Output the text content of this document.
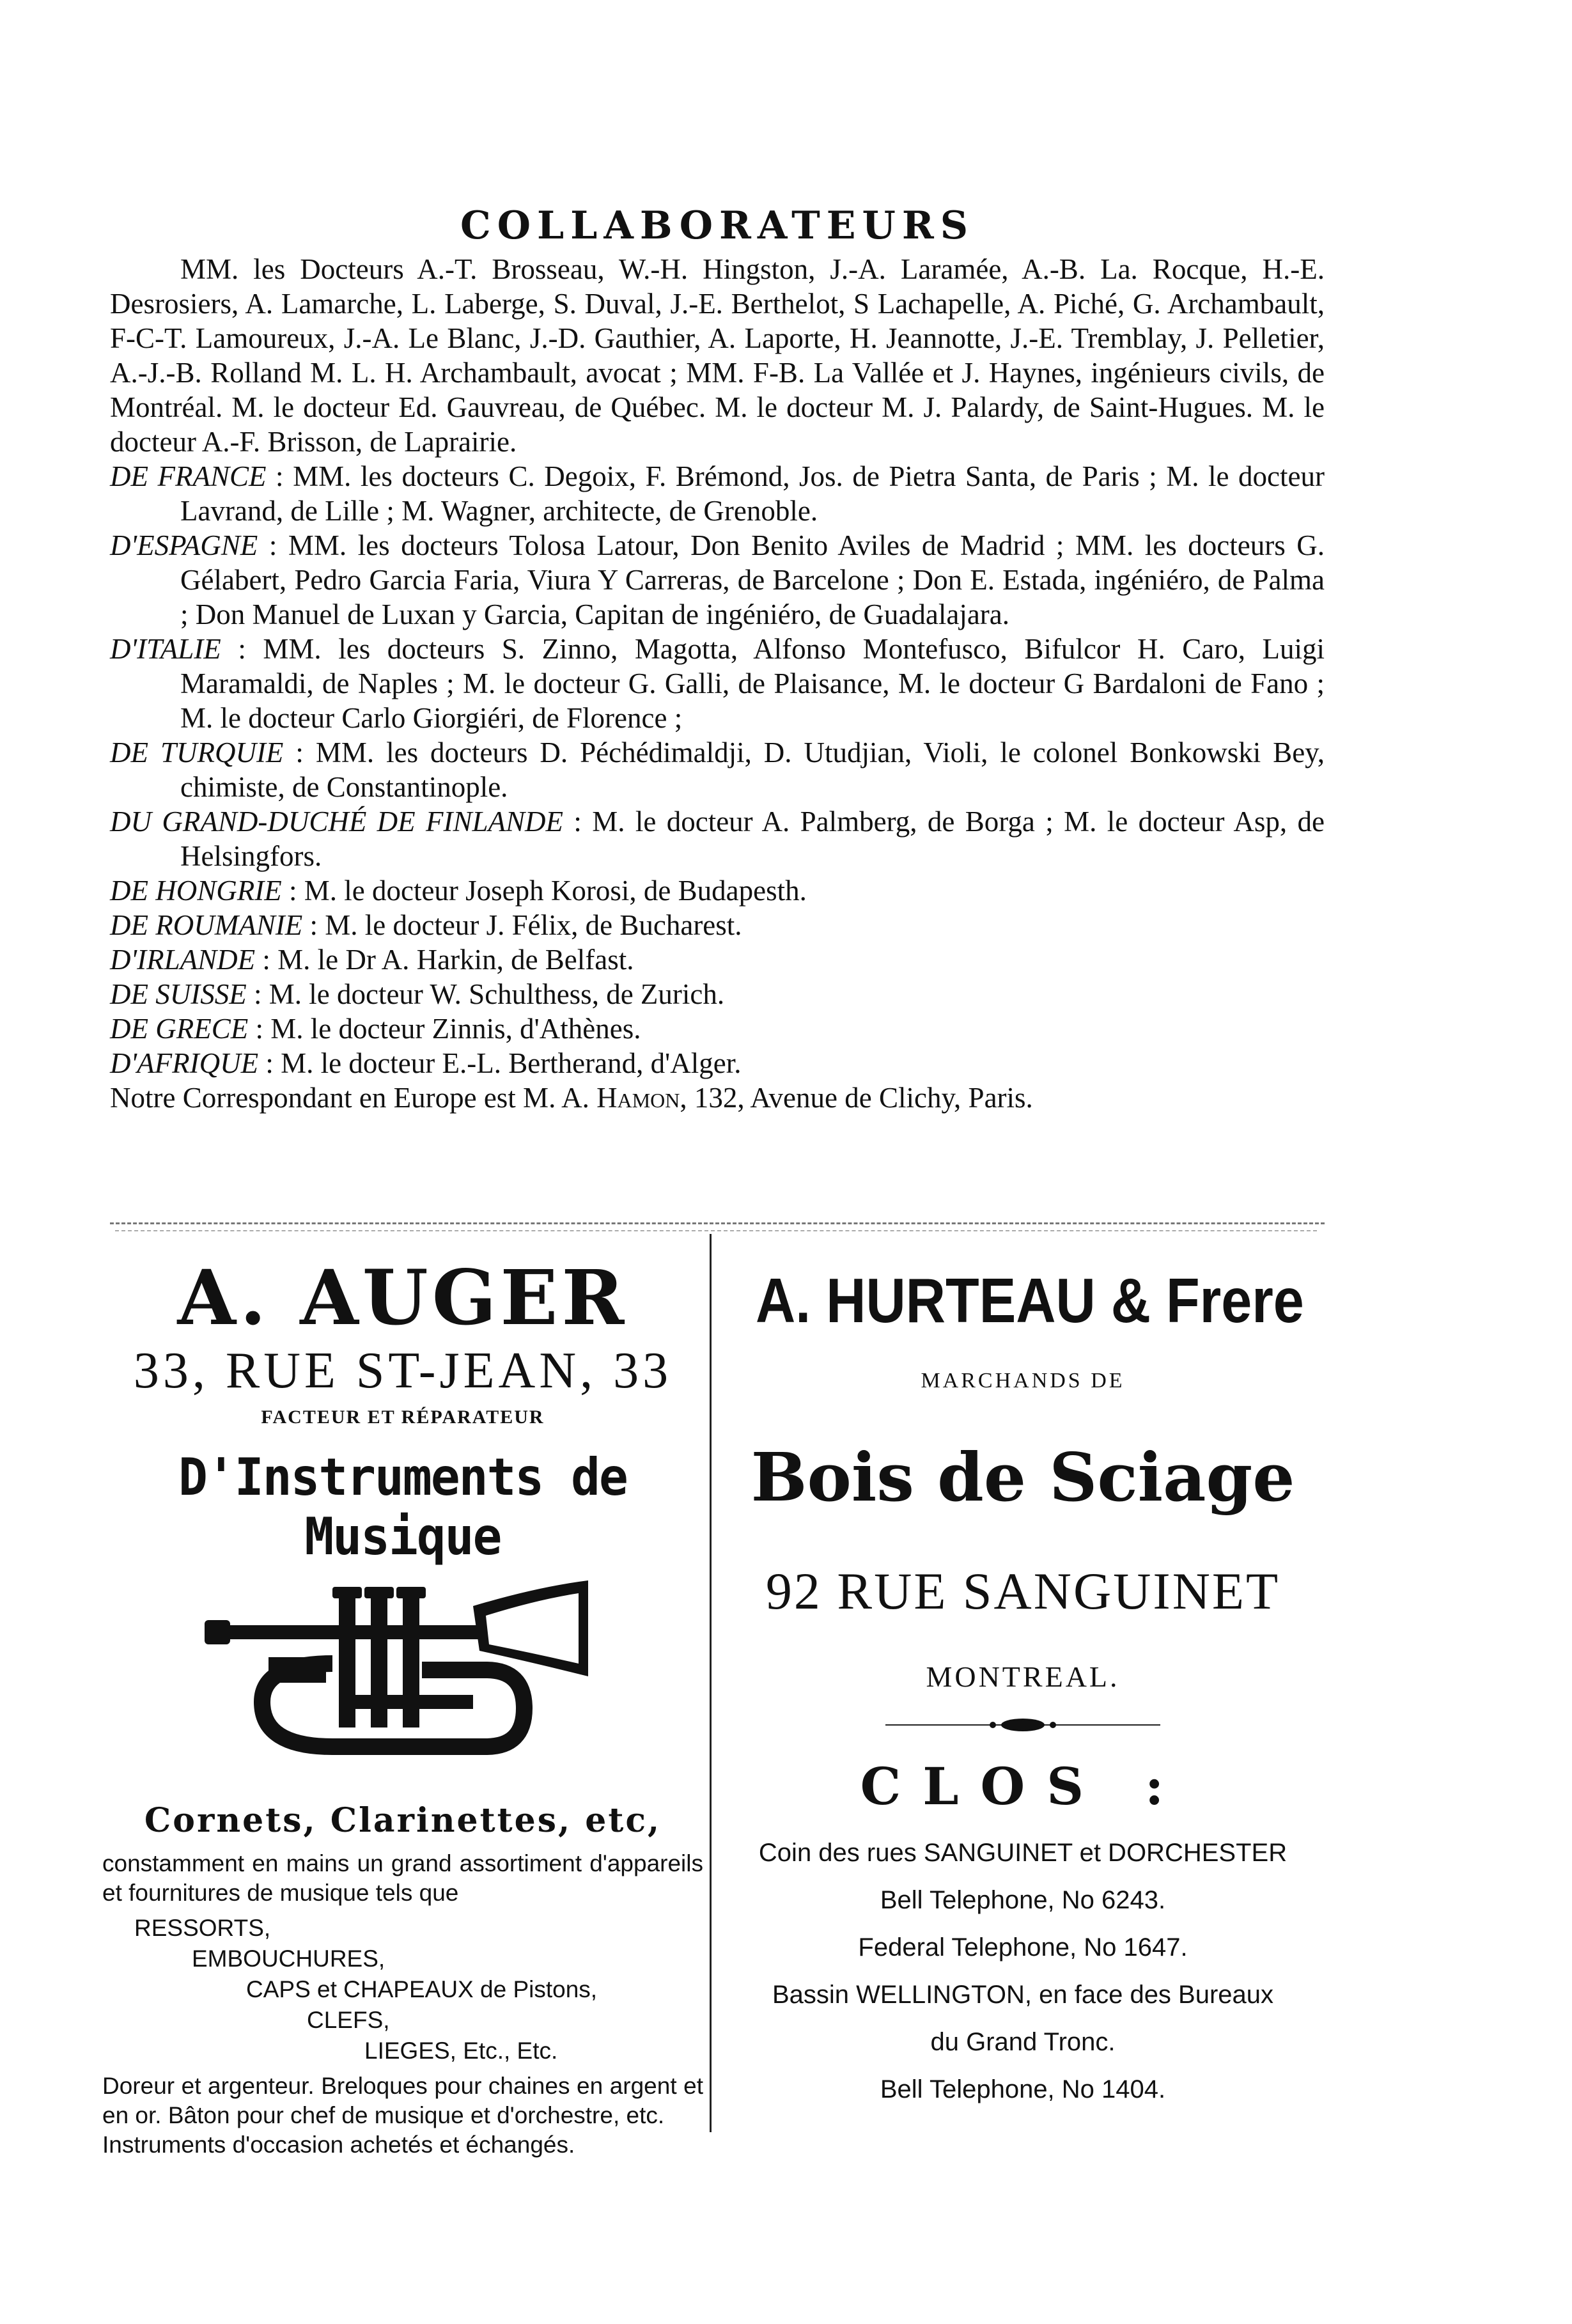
COLLABORATEURS

MM. les Docteurs A.-T. Brosseau, W.-H. Hingston, J.-A. Laramée, A.-B. La. Rocque, H.-E. Desrosiers, A. Lamarche, L. Laberge, S. Duval, J.-E. Berthelot, S Lachapelle, A. Piché, G. Archambault, F-C-T. Lamoureux, J.-A. Le Blanc, J.-D. Gauthier, A. Laporte, H. Jeannotte, J.-E. Tremblay, J. Pelletier, A.-J.-B. Rolland M. L. H. Archambault, avocat ; MM. F-B. La Vallée et J. Haynes, ingénieurs civils, de Montréal. M. le docteur Ed. Gauvreau, de Québec. M. le docteur M. J. Palardy, de Saint-Hugues. M. le docteur A.-F. Brisson, de Laprairie.

DE FRANCE : MM. les docteurs C. Degoix, F. Brémond, Jos. de Pietra Santa, de Paris ; M. le docteur Lavrand, de Lille ; M. Wagner, architecte, de Grenoble.

D'ESPAGNE : MM. les docteurs Tolosa Latour, Don Benito Aviles de Madrid ; MM. les docteurs G. Gélabert, Pedro Garcia Faria, Viura Y Carreras, de Barcelone ; Don E. Estada, ingéniéro, de Palma ; Don Manuel de Luxan y Garcia, Capitan de ingéniéro, de Guadalajara.

D'ITALIE : MM. les docteurs S. Zinno, Magotta, Alfonso Montefusco, Bifulcor H. Caro, Luigi Maramaldi, de Naples ; M. le docteur G. Galli, de Plaisance, M. le docteur G Bardaloni de Fano ; M. le docteur Carlo Giorgiéri, de Florence ;

DE TURQUIE : MM. les docteurs D. Péchédimaldji, D. Utudjian, Violi, le colonel Bonkowski Bey, chimiste, de Constantinople.

DU GRAND-DUCHÉ DE FINLANDE : M. le docteur A. Palmberg, de Borga ; M. le docteur Asp, de Helsingfors.

DE HONGRIE : M. le docteur Joseph Korosi, de Budapesth.

DE ROUMANIE : M. le docteur J. Félix, de Bucharest.

D'IRLANDE : M. le Dr A. Harkin, de Belfast.

DE SUISSE : M. le docteur W. Schulthess, de Zurich.

DE GRECE : M. le docteur Zinnis, d'Athènes.

D'AFRIQUE : M. le docteur E.-L. Bertherand, d'Alger.

Notre Correspondant en Europe est M. A. Hamon, 132, Avenue de Clichy, Paris.

A. AUGER
33, RUE ST-JEAN, 33
FACTEUR ET RÉPARATEUR
D'Instruments de Musique
Cornets, Clarinettes, etc,
constamment en mains un grand assortiment d'appareils et fournitures de musique tels que
RESSORTS,
EMBOUCHURES,
CAPS et CHAPEAUX de Pistons,
CLEFS,
LIEGES, Etc., Etc.
Doreur et argenteur. Breloques pour chaines en argent et en or. Bâton pour chef de musique et d'orchestre, etc.
Instruments d'occasion achetés et échangés.
A. HURTEAU & Frere
MARCHANDS DE
Bois de Sciage
92 RUE SANGUINET
MONTREAL.
CLOS :
Coin des rues SANGUINET et DORCHESTER
Bell Telephone, No 6243.
Federal Telephone, No 1647.
Bassin WELLINGTON, en face des Bureaux
du Grand Tronc.
Bell Telephone, No 1404.
